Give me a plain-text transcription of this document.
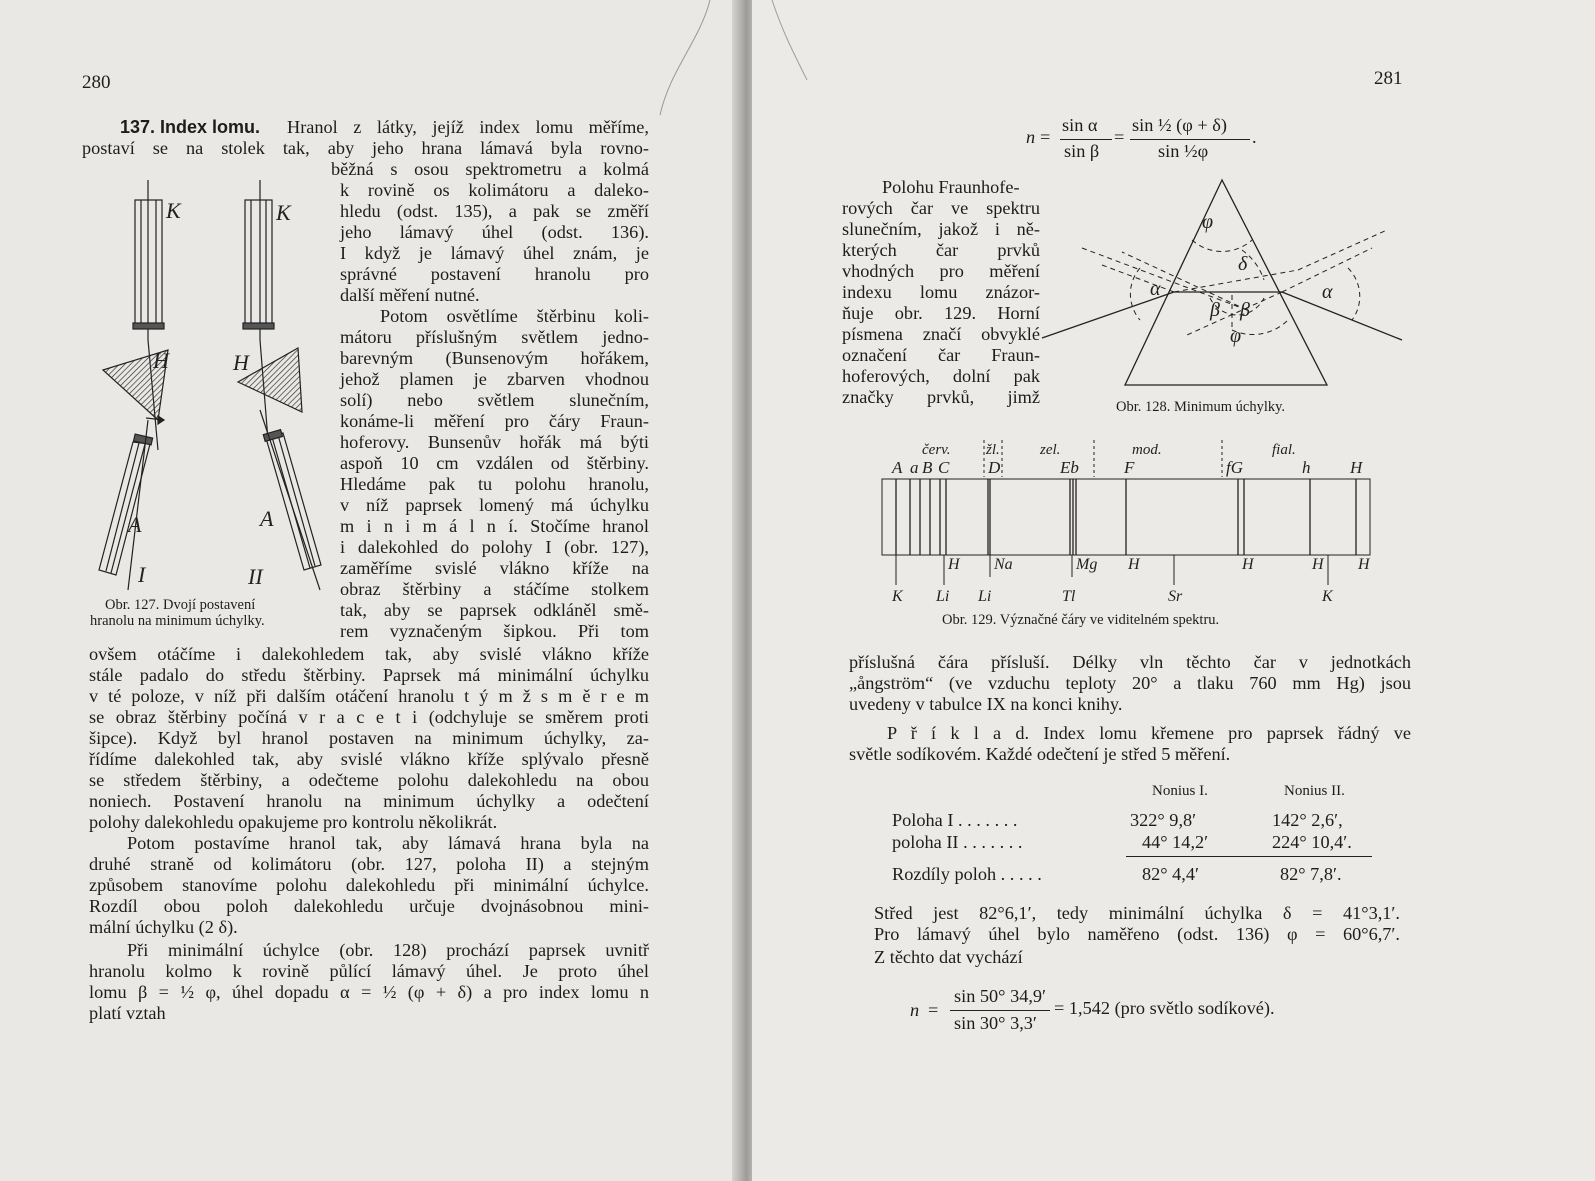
280
137. Index lomu. Hranol z látky, jejíž index lomu měříme,
postaví se na stolek tak, aby jeho hrana lámavá byla rovno-
běžná s osou spektrometru a kolmá
k rovině os kolimátoru a daleko-
hledu (odst. 135), a pak se změří
jeho lámavý úhel (odst. 136).
I když je lámavý úhel znám, je
správné postavení hranolu pro
další měření nutné.
Potom osvětlíme štěrbinu koli-
mátoru příslušným světlem jedno-
barevným (Bunsenovým hořákem,
jehož plamen je zbarven vhodnou
solí) nebo světlem slunečním,
konáme-li měření pro čáry Fraun-
hoferovy. Bunsenův hořák má býti
aspoň 10 cm vzdálen od štěrbiny.
Hledáme pak tu polohu hranolu,
v níž paprsek lomený má úchylku
m i n i m á l n í. Stočíme hranol
i dalekohled do polohy I (obr. 127),
zaměříme svislé vlákno kříže na
obraz štěrbiny a stáčíme stolkem
tak, aby se paprsek odkláněl smě-
rem vyznačeným šipkou. Při tom
ovšem otáčíme i dalekohledem tak, aby svislé vlákno kříže
stále padalo do středu štěrbiny. Paprsek má minimální úchylku
v té poloze, v níž při dalším otáčení hranolu t ý m ž s m ě r e m
se obraz štěrbiny počíná v r a c e t i (odchyluje se směrem proti
šipce). Když byl hranol postaven na minimum úchylky, za-
řídíme dalekohled tak, aby svislé vlákno kříže splývalo přesně
se středem štěrbiny, a odečteme polohu dalekohledu na obou
noniech. Postavení hranolu na minimum úchylky a odečtení
polohy dalekohledu opakujeme pro kontrolu několikrát.
Potom postavíme hranol tak, aby lámavá hrana byla na
druhé straně od kolimátoru (obr. 127, poloha II) a stejným
způsobem stanovíme polohu dalekohledu při minimální úchylce.
Rozdíl obou poloh dalekohledu určuje dvojnásobnou mini-
mální úchylku (2 δ).
Při minimální úchylce (obr. 128) prochází paprsek uvnitř
hranolu kolmo k rovině půlící lámavý úhel. Je proto úhel
lomu β = ½ φ, úhel dopadu α = ½ (φ + δ) a pro index lomu n
platí vztah
K	K
H	H
A	A
I	II
Obr. 127. Dvojí postavení
hranolu na minimum úchylky.
281
n =
sin α
sin β
=
sin ½ (φ + δ)
sin ½φ
.
Polohu Fraunhofe-
rových čar ve spektru
slunečním, jakož i ně-
kterých čar prvků
vhodných pro měření
indexu lomu znázor-
ňuje obr. 129. Horní
písmena značí obvyklé
označení čar Fraun-
hoferových, dolní pak
značky prvků, jimž
φ
δ
α	α
β β
φ
Obr. 128. Minimum úchylky.
červ. žl.	zel.	mod.	fial.
A a B C D	Eb	F	fG	h H
H Na	Mg H	H	H H
K Li Li	Tl	Sr	K
Obr. 129. Význačné čáry ve viditelném spektru.
příslušná čára přísluší. Délky vln těchto čar v jednotkách
„ångström“ (ve vzduchu teploty 20° a tlaku 760 mm Hg) jsou
uvedeny v tabulce IX na konci knihy.
P ř í k l a d. Index lomu křemene pro paprsek řádný ve
světle sodíkovém. Každé odečtení je střed 5 měření.
Nonius I.	Nonius II.
Poloha I . . . . . . .	322° 9,8′	142° 2,6′,
poloha II . . . . . . .	44° 14,2′	224° 10,4′.
Rozdíly poloh . . . . .	82° 4,4′	82° 7,8′.
Střed jest 82°6,1′, tedy minimální úchylka δ = 41°3,1′.
Pro lámavý úhel bylo naměřeno (odst. 136) φ = 60°6,7′.
Z těchto dat vychází
n =
sin 50° 34,9′
sin 30° 3,3′
= 1,542 (pro světlo sodíkové).
